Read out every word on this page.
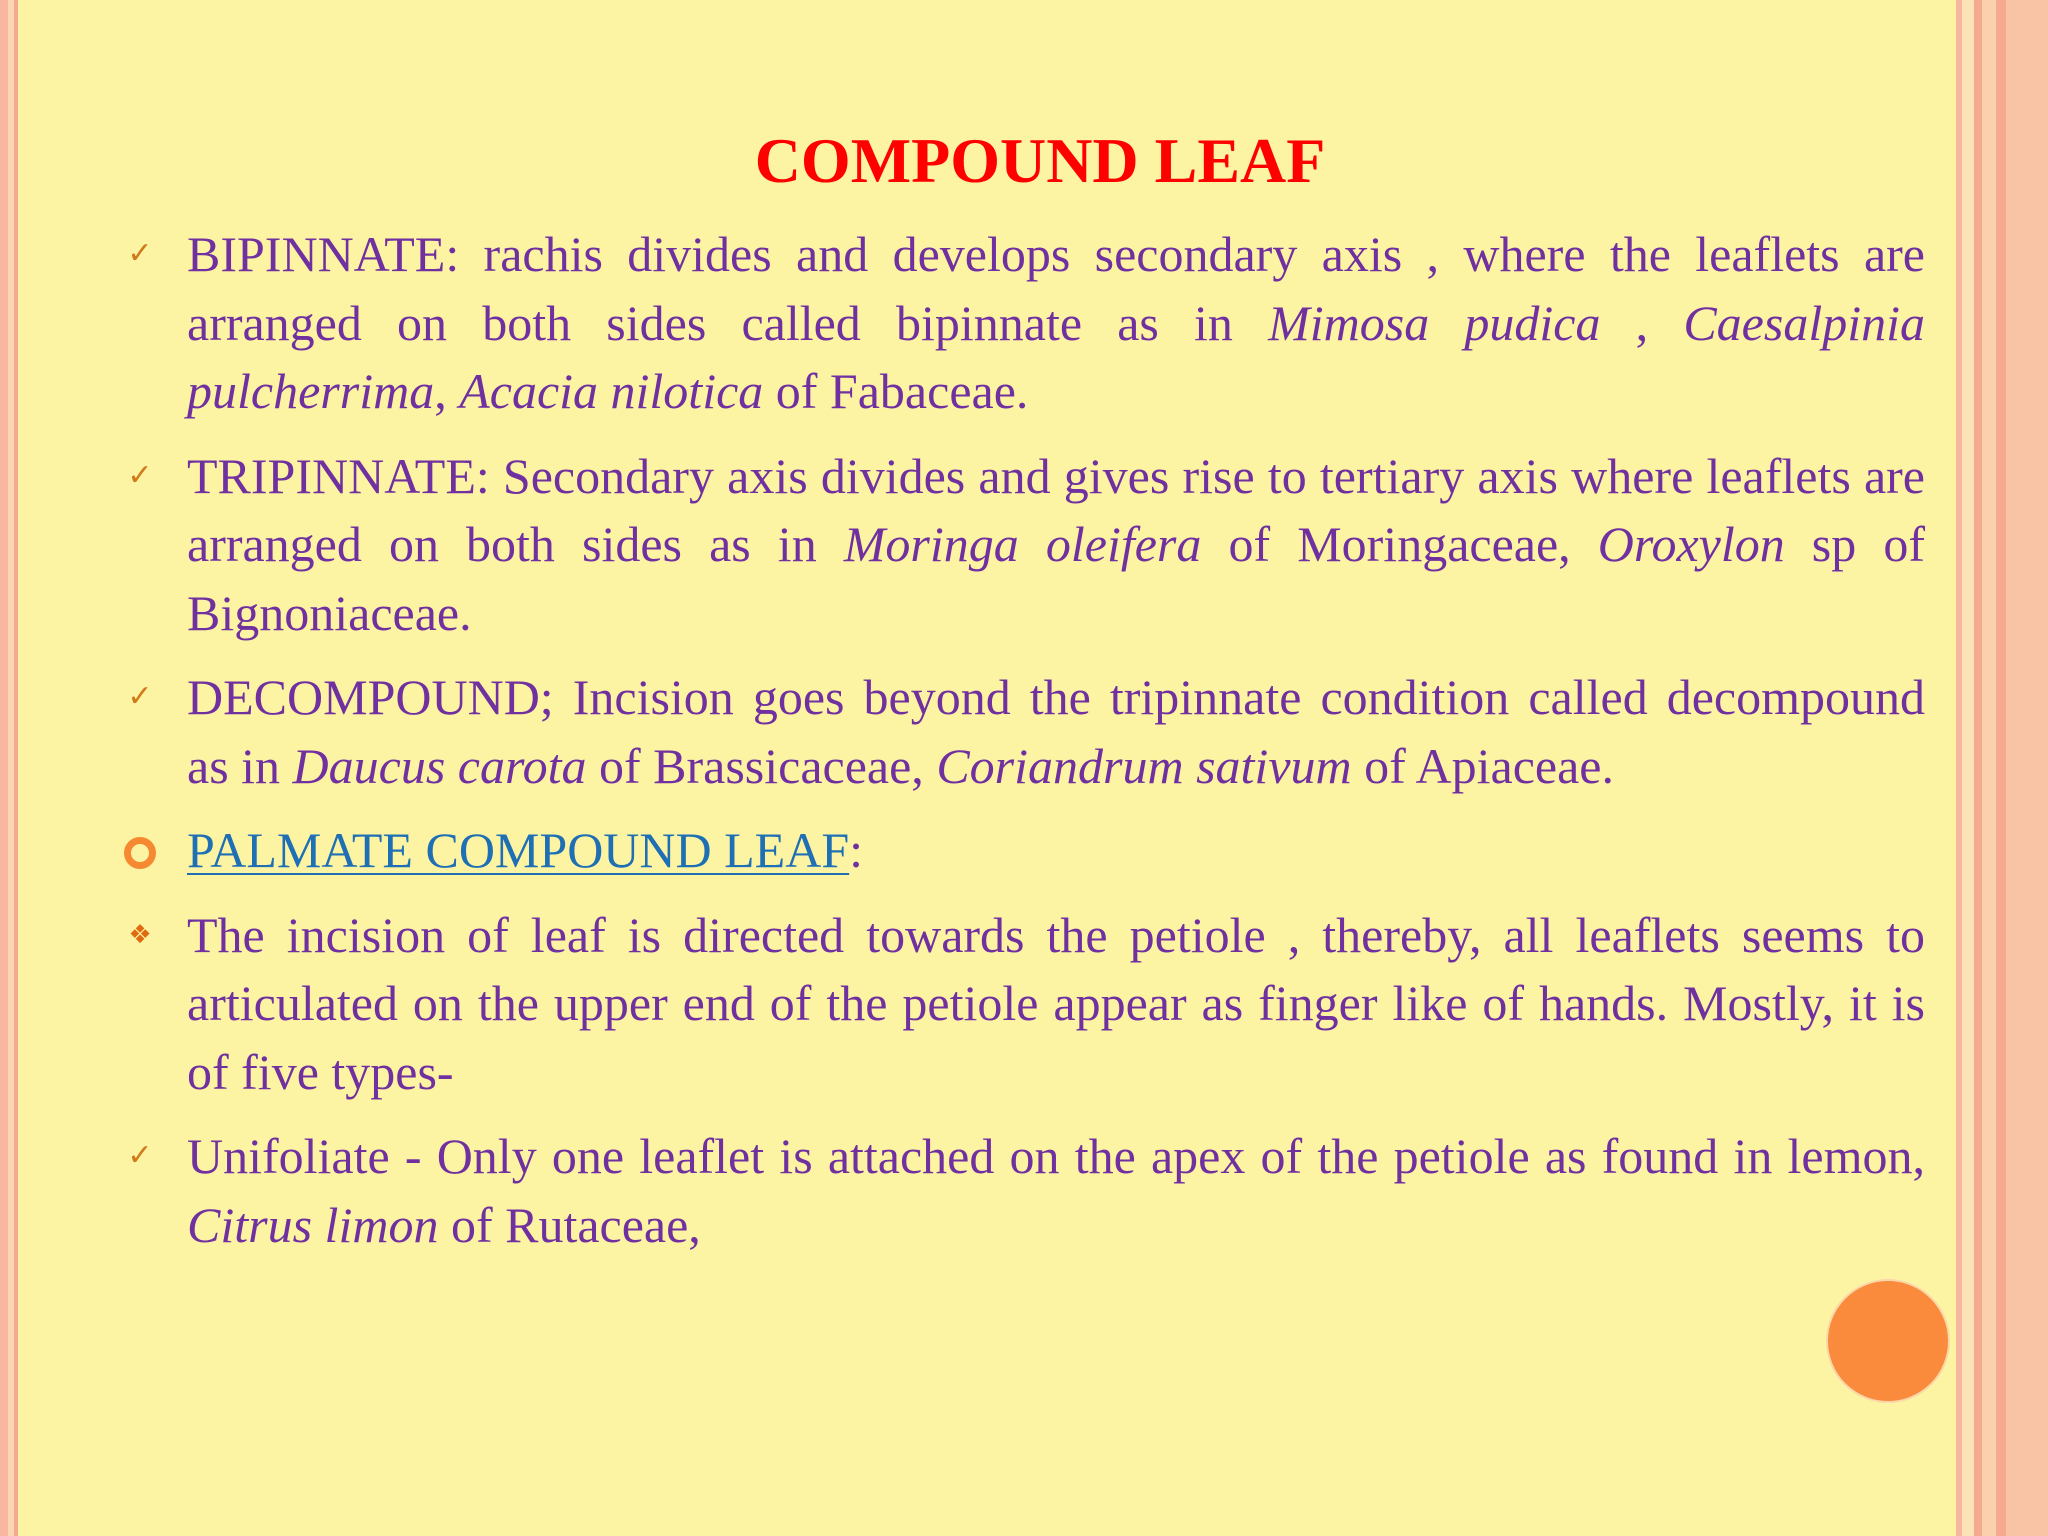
COMPOUND LEAF
✓ BIPINNATE: rachis divides and develops secondary axis , where the leaflets are arranged on both sides called bipinnate as in Mimosa pudica , Caesalpinia pulcherrima, Acacia nilotica of Fabaceae.
✓ TRIPINNATE: Secondary axis divides and gives rise to tertiary axis where leaflets are arranged on both sides as in Moringa oleifera of Moringaceae, Oroxylon sp of Bignoniaceae.
✓ DECOMPOUND; Incision goes beyond the tripinnate condition called decompound as in Daucus carota of Brassicaceae, Coriandrum sativum of Apiaceae.
PALMATE COMPOUND LEAF:
❖ The incision of leaf is directed towards the petiole , thereby, all leaflets seems to articulated on the upper end of the petiole appear as finger like of hands. Mostly, it is of five types-
✓ Unifoliate - Only one leaflet is attached on the apex of the petiole as found in lemon, Citrus limon of Rutaceae,
